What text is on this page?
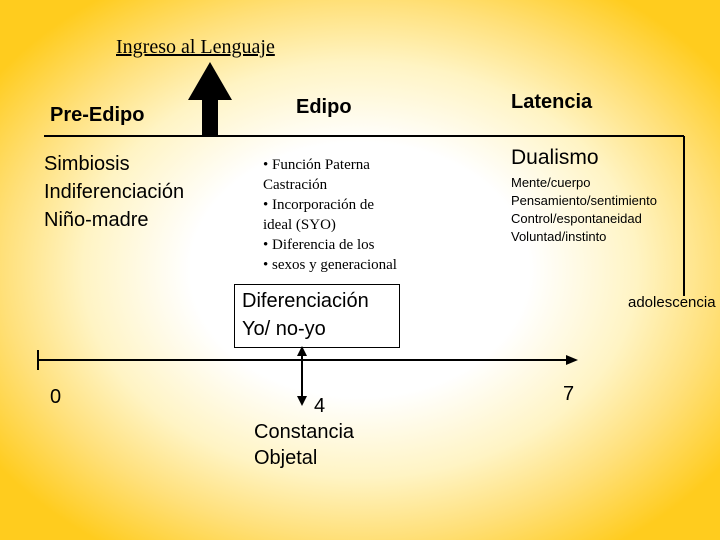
Ingreso al Lenguaje

Pre-Edipo	Edipo	Latencia

Simbiosis
Indiferenciación
Niño-madre
• Función Paterna
Castración
• Incorporación de
ideal (SYO)
• Diferencia de los
• sexos y generacional

Dualismo

Mente/cuerpo
Pensamiento/sentimiento
Control/espontaneidad
Voluntad/instinto
Diferenciación
Yo/ no-yo

adolescencia

0	7

4
Constancia
Objetal
